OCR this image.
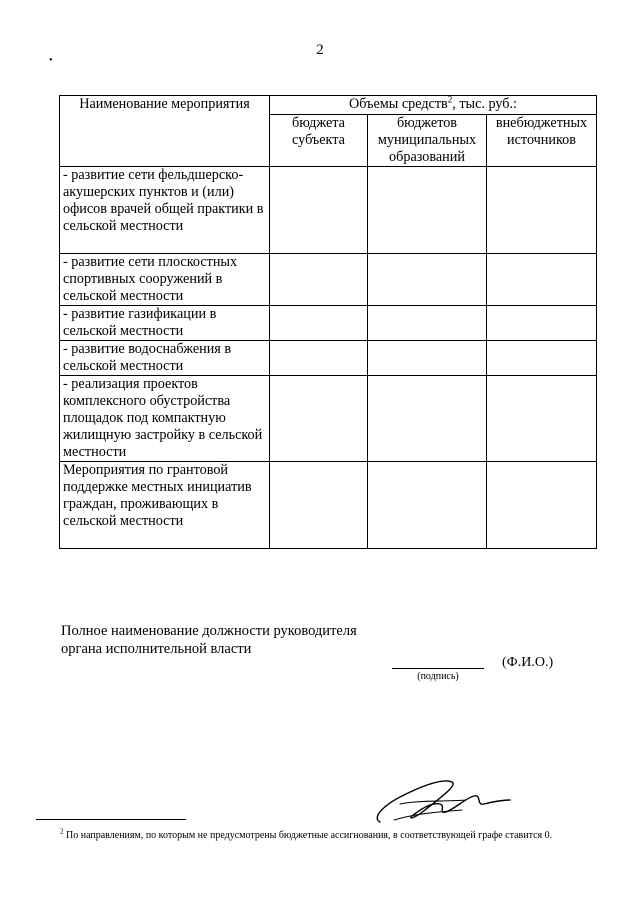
2
•
Наименование мероприятия	Объемы средств$^2$, тыс. руб.:		
	бюджета субъекта	бюджетов муниципальных образований	внебюджетных источников
- развитие сети фельдшерско-акушерских пунктов и (или) офисов врачей общей практики в сельской местности			
- развитие сети плоскостных спортивных сооружений в сельской местности			
- развитие газификации в сельской местности			
- развитие водоснабжения в сельской местности			
- реализация проектов комплексного обустройства площадок под компактную жилищную застройку в сельской местности			
Мероприятия по грантовой поддержке местных инициатив граждан, проживающих в сельской местности			
Полное наименование должности руководителя
органа исполнительной власти
(подпись)
(Ф.И.О.)
$^2$ По направлениям, по которым не предусмотрены бюджетные ассигнования, в соответствующей графе ставится 0.
